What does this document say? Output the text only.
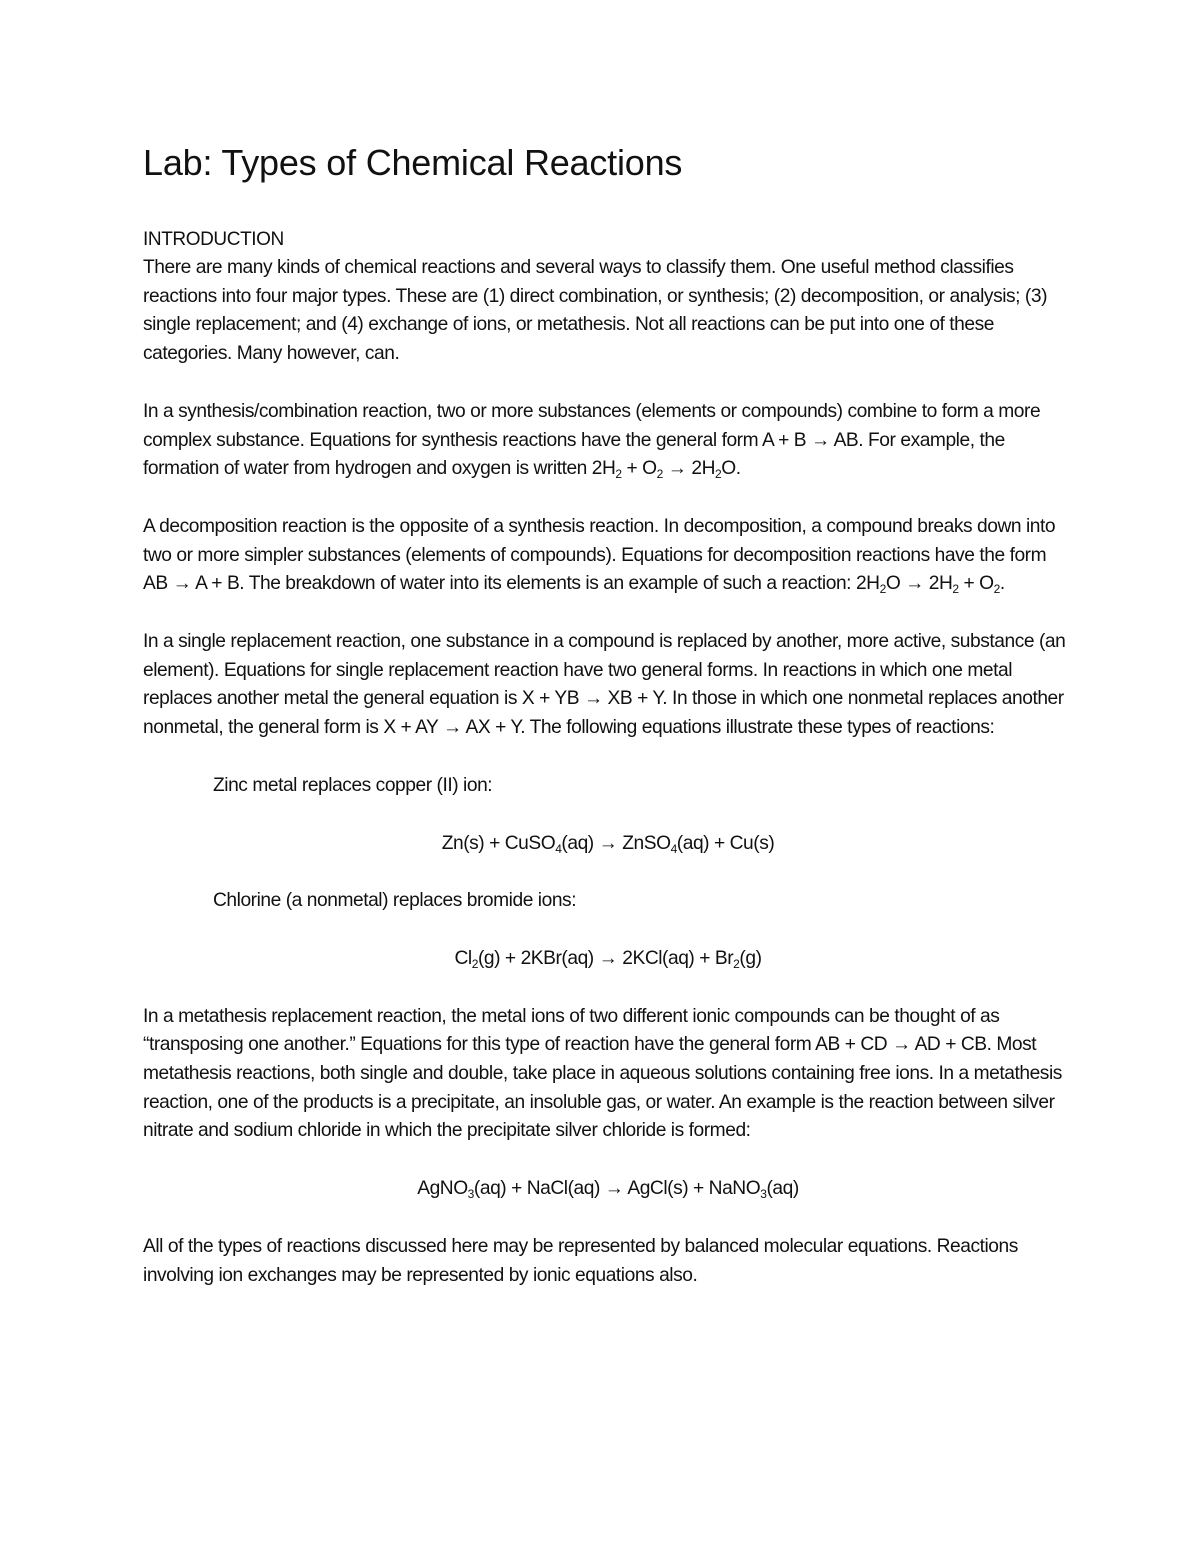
Lab: Types of Chemical Reactions
INTRODUCTION

There are many kinds of chemical reactions and several ways to classify them. One useful method classifies reactions into four major types. These are (1) direct combination, or synthesis; (2) decomposition, or analysis; (3) single replacement; and (4) exchange of ions, or metathesis. Not all reactions can be put into one of these categories. Many however, can.

In a synthesis/combination reaction, two or more substances (elements or compounds) combine to form a more complex substance. Equations for synthesis reactions have the general form A + B → AB. For example, the formation of water from hydrogen and oxygen is written $2H_2 + O_2 \to 2H_2O$.

A decomposition reaction is the opposite of a synthesis reaction. In decomposition, a compound breaks down into two or more simpler substances (elements of compounds). Equations for decomposition reactions have the form AB → A + B. The breakdown of water into its elements is an example of such a reaction: $2H_2O \to 2H_2 + O_2$.

In a single replacement reaction, one substance in a compound is replaced by another, more active, substance (an element). Equations for single replacement reaction have two general forms. In reactions in which one metal replaces another metal the general equation is X + YB → XB + Y. In those in which one nonmetal replaces another nonmetal, the general form is X + AY → AX + Y. The following equations illustrate these types of reactions:

Zinc metal replaces copper (II) ion:

Zn(s) + CuSO$_4$(aq) → ZnSO$_4$(aq) + Cu(s)

Chlorine (a nonmetal) replaces bromide ions:

$Cl_2(g) + 2KBr(aq) \to 2KCl(aq) + Br_2(g)$

In a metathesis replacement reaction, the metal ions of two different ionic compounds can be thought of as “transposing one another.” Equations for this type of reaction have the general form AB + CD → AD + CB. Most metathesis reactions, both single and double, take place in aqueous solutions containing free ions. In a metathesis reaction, one of the products is a precipitate, an insoluble gas, or water. An example is the reaction between silver nitrate and sodium chloride in which the precipitate silver chloride is formed:

AgNO$_3$(aq) + NaCl(aq) → AgCl(s) + NaNO$_3$(aq)

All of the types of reactions discussed here may be represented by balanced molecular equations. Reactions involving ion exchanges may be represented by ionic equations also.
